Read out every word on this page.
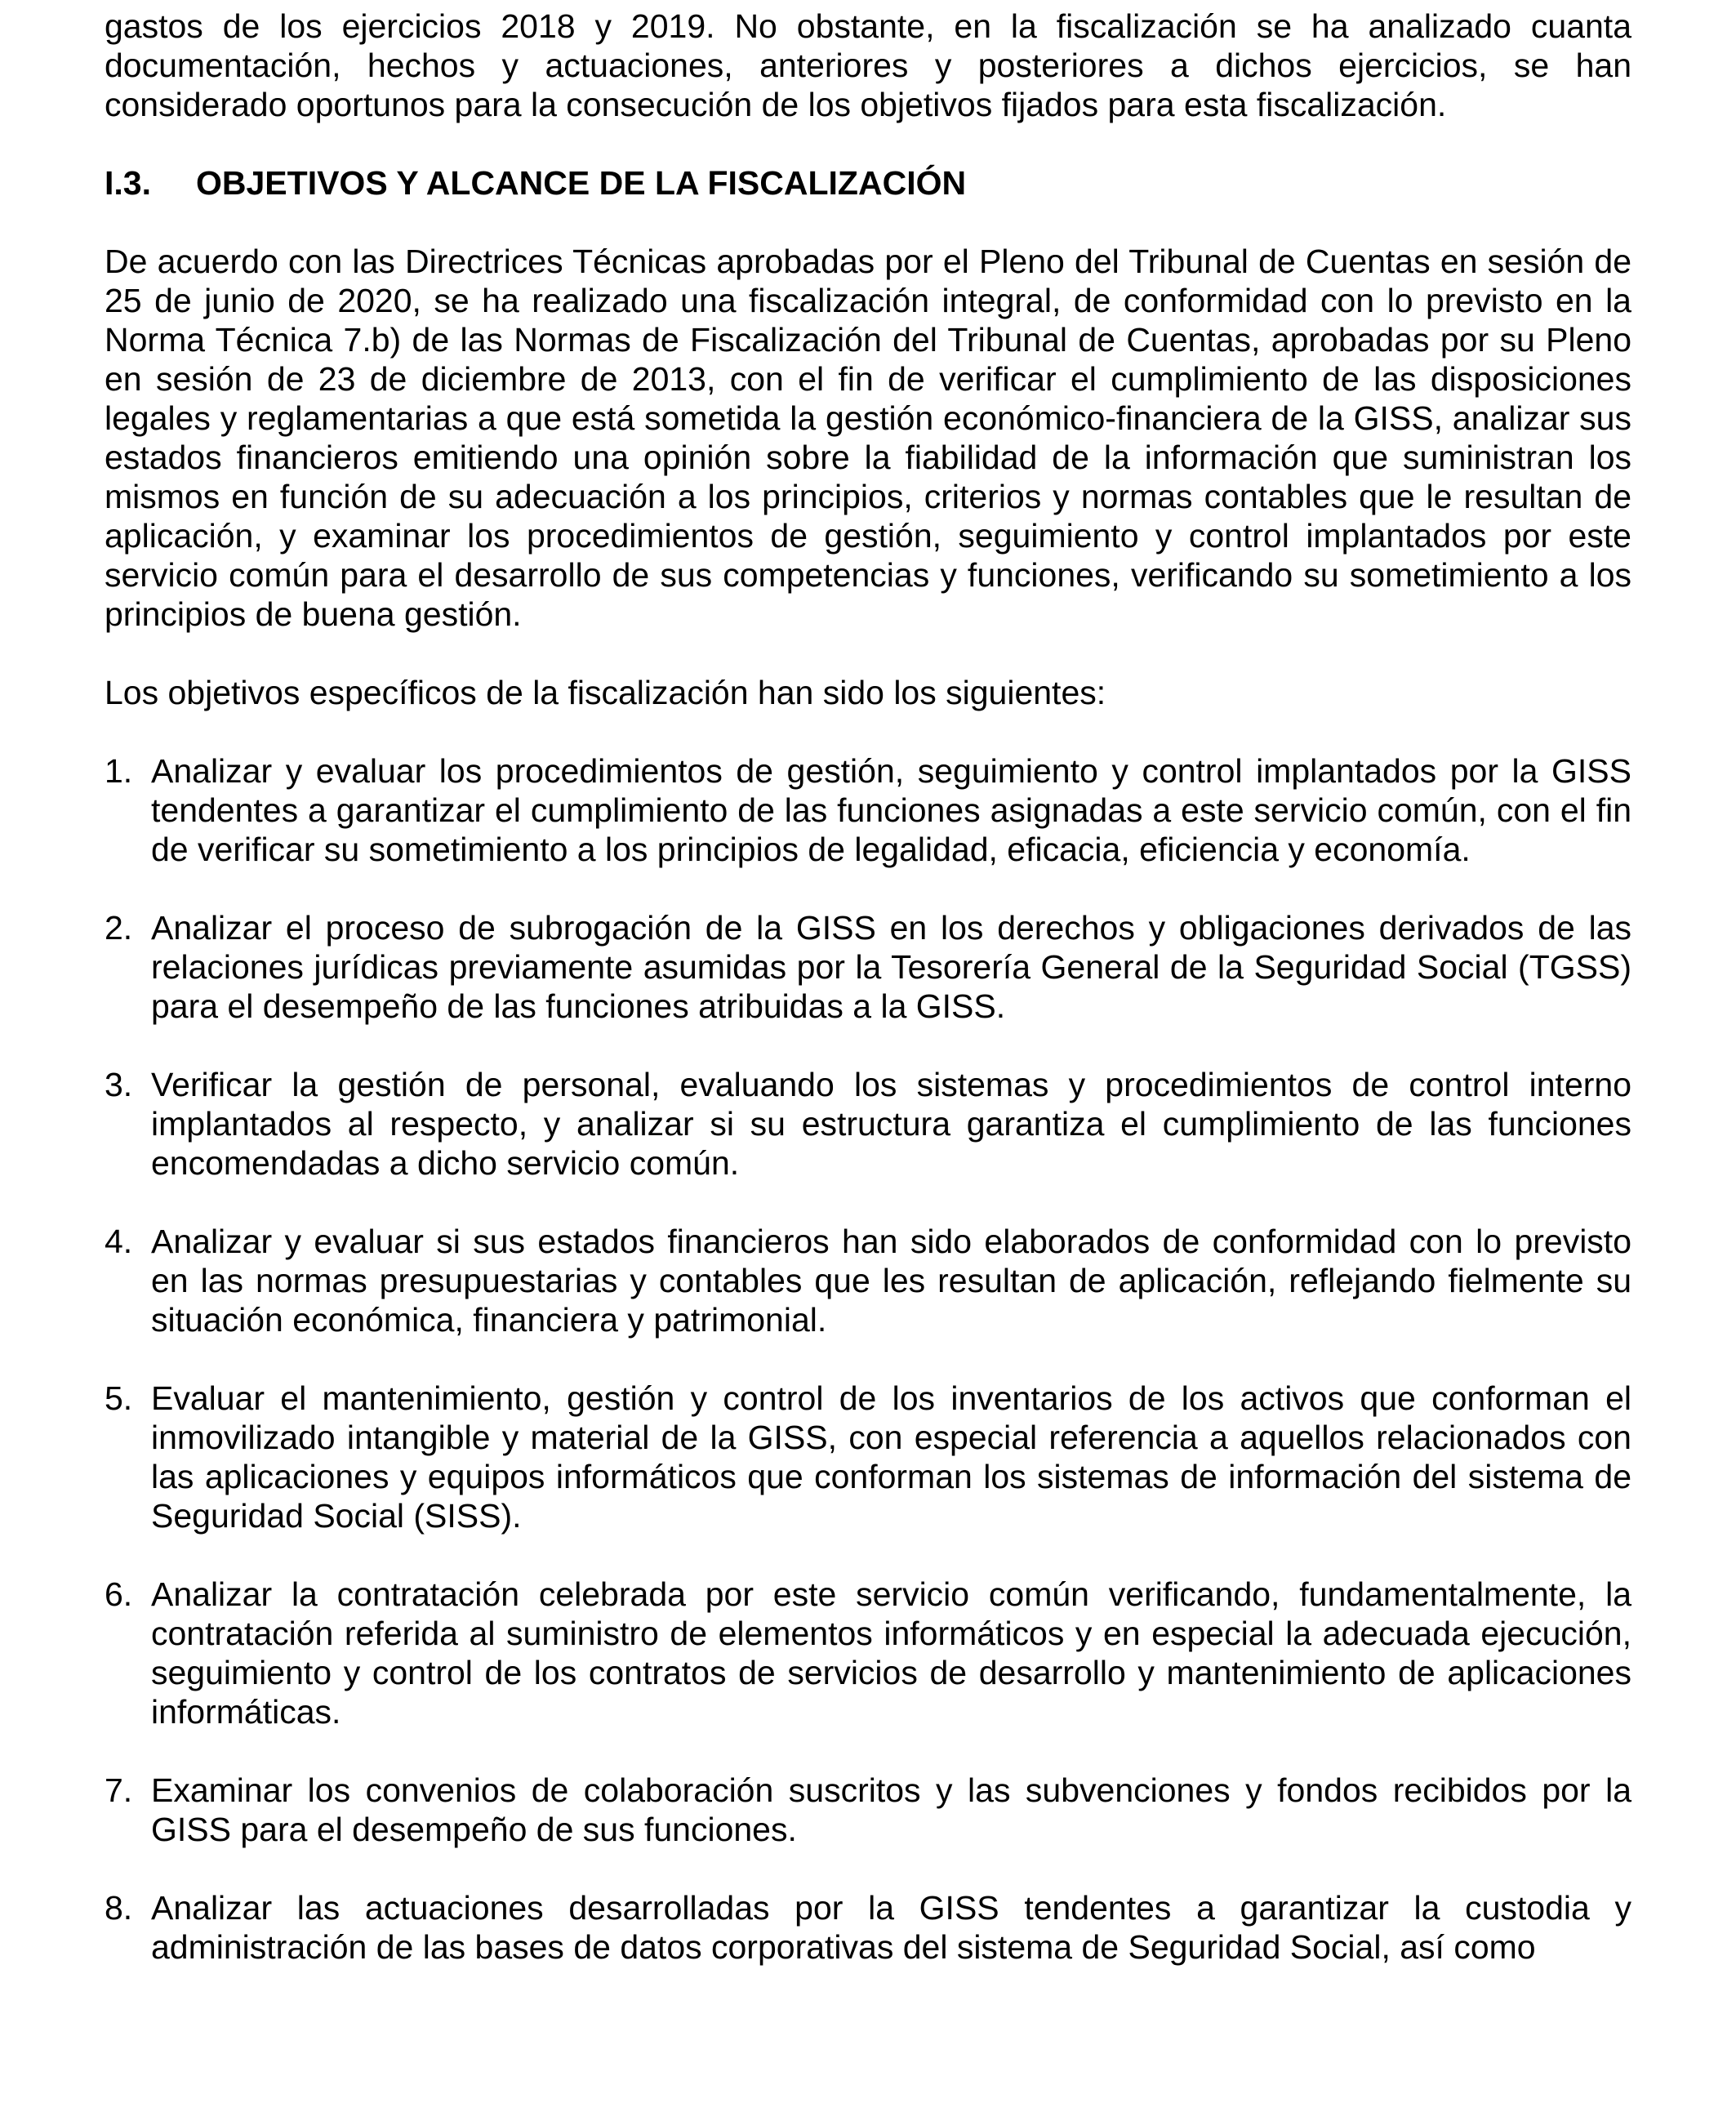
gastos de los ejercicios 2018 y 2019. No obstante, en la fiscalización se ha analizado cuanta documentación, hechos y actuaciones, anteriores y posteriores a dichos ejercicios, se han considerado oportunos para la consecución de los objetivos fijados para esta fiscalización.

I.3.	OBJETIVOS Y ALCANCE DE LA FISCALIZACIÓN

De acuerdo con las Directrices Técnicas aprobadas por el Pleno del Tribunal de Cuentas en sesión de 25 de junio de 2020, se ha realizado una fiscalización integral, de conformidad con lo previsto en la Norma Técnica 7.b) de las Normas de Fiscalización del Tribunal de Cuentas, aprobadas por su Pleno en sesión de 23 de diciembre de 2013, con el fin de verificar el cumplimiento de las disposiciones legales y reglamentarias a que está sometida la gestión económico-financiera de la GISS, analizar sus estados financieros emitiendo una opinión sobre la fiabilidad de la información que suministran los mismos en función de su adecuación a los principios, criterios y normas contables que le resultan de aplicación, y examinar los procedimientos de gestión, seguimiento y control implantados por este servicio común para el desarrollo de sus competencias y funciones, verificando su sometimiento a los principios de buena gestión.

Los objetivos específicos de la fiscalización han sido los siguientes:

1. Analizar y evaluar los procedimientos de gestión, seguimiento y control implantados por la GISS tendentes a garantizar el cumplimiento de las funciones asignadas a este servicio común, con el fin de verificar su sometimiento a los principios de legalidad, eficacia, eficiencia y economía.
2. Analizar el proceso de subrogación de la GISS en los derechos y obligaciones derivados de las relaciones jurídicas previamente asumidas por la Tesorería General de la Seguridad Social (TGSS) para el desempeño de las funciones atribuidas a la GISS.
3. Verificar la gestión de personal, evaluando los sistemas y procedimientos de control interno implantados al respecto, y analizar si su estructura garantiza el cumplimiento de las funciones encomendadas a dicho servicio común.
4. Analizar y evaluar si sus estados financieros han sido elaborados de conformidad con lo previsto en las normas presupuestarias y contables que les resultan de aplicación, reflejando fielmente su situación económica, financiera y patrimonial.
5. Evaluar el mantenimiento, gestión y control de los inventarios de los activos que conforman el inmovilizado intangible y material de la GISS, con especial referencia a aquellos relacionados con las aplicaciones y equipos informáticos que conforman los sistemas de información del sistema de Seguridad Social (SISS).
6. Analizar la contratación celebrada por este servicio común verificando, fundamentalmente, la contratación referida al suministro de elementos informáticos y en especial la adecuada ejecución, seguimiento y control de los contratos de servicios de desarrollo y mantenimiento de aplicaciones informáticas.
7. Examinar los convenios de colaboración suscritos y las subvenciones y fondos recibidos por la GISS para el desempeño de sus funciones.
8. Analizar las actuaciones desarrolladas por la GISS tendentes a garantizar la custodia y administración de las bases de datos corporativas del sistema de Seguridad Social, así como
